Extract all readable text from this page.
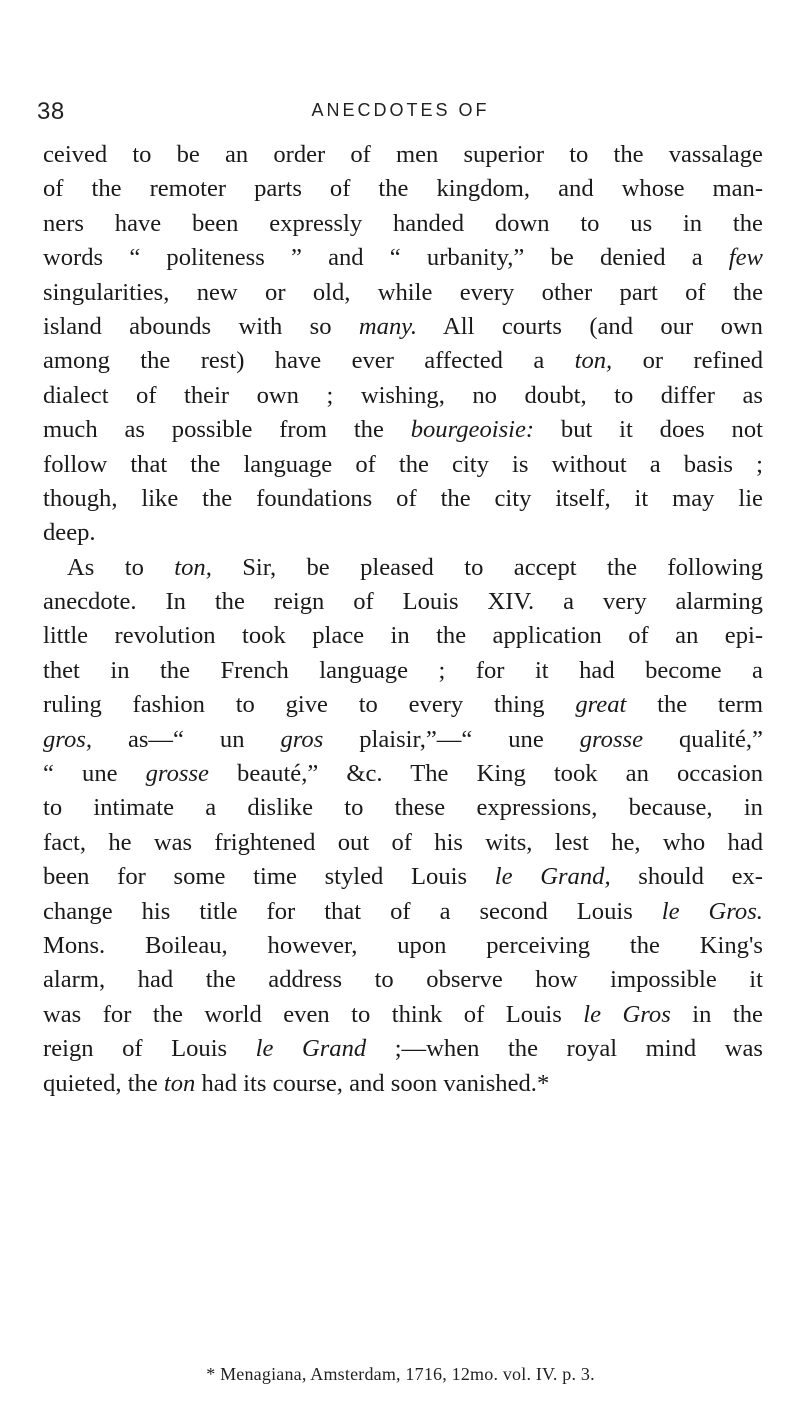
38	ANECDOTES OF
ceived to be an order of men superior to the vassalage
of the remoter parts of the kingdom, and whose man-
ners have been expressly handed down to us in the
words “ politeness ” and “ urbanity,” be denied a few
singularities, new or old, while every other part of the
island abounds with so many. All courts (and our own
among the rest) have ever affected a ton, or refined
dialect of their own ; wishing, no doubt, to differ as
much as possible from the bourgeoisie: but it does not
follow that the language of the city is without a basis ;
though, like the foundations of the city itself, it may lie
deep.
As to ton, Sir, be pleased to accept the following
anecdote. In the reign of Louis XIV. a very alarming
little revolution took place in the application of an epi-
thet in the French language ; for it had become a
ruling fashion to give to every thing great the term
gros, as—“ un gros plaisir,”—“ une grosse qualité,”
“ une grosse beauté,” &c. The King took an occasion
to intimate a dislike to these expressions, because, in
fact, he was frightened out of his wits, lest he, who had
been for some time styled Louis le Grand, should ex-
change his title for that of a second Louis le Gros.
Mons. Boileau, however, upon perceiving the King's
alarm, had the address to observe how impossible it
was for the world even to think of Louis le Gros in the
reign of Louis le Grand ;—when the royal mind was
quieted, the ton had its course, and soon vanished.*
* Menagiana, Amsterdam, 1716, 12mo. vol. IV. p. 3.
